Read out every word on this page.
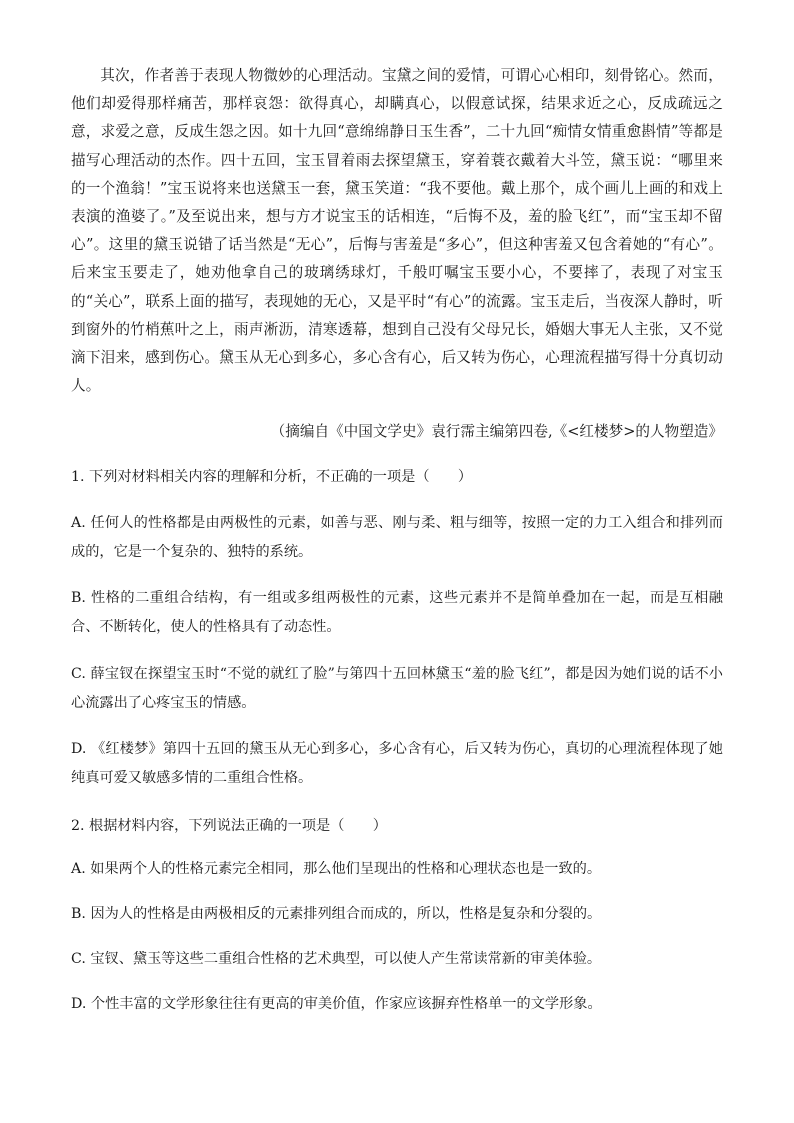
其次，作者善于表现人物微妙的心理活动。宝黛之间的爱情，可谓心心相印，刻骨铭心。然而，他们却爱得那样痛苦，那样哀怨：欲得真心，却瞒真心，以假意试探，结果求近之心，反成疏远之意，求爱之意，反成生怨之因。如十九回“意绵绵静日玉生香”，二十九回“痴情女情重愈斟情”等都是描写心理活动的杰作。四十五回，宝玉冒着雨去探望黛玉，穿着蓑衣戴着大斗笠，黛玉说：“哪里来的一个渔翁！”宝玉说将来也送黛玉一套，黛玉笑道：“我不要他。戴上那个，成个画儿上画的和戏上表演的渔婆了。”及至说出来，想与方才说宝玉的话相连，“后悔不及，羞的脸飞红”，而“宝玉却不留心”。这里的黛玉说错了话当然是“无心”，后悔与害羞是“多心”，但这种害羞又包含着她的“有心”。后来宝玉要走了，她劝他拿自己的玻璃绣球灯，千般叮嘱宝玉要小心，不要摔了，表现了对宝玉的“关心”，联系上面的描写，表现她的无心，又是平时“有心”的流露。宝玉走后，当夜深人静时，听到窗外的竹梢蕉叶之上，雨声淅沥，清寒透幕，想到自己没有父母兄长，婚姻大事无人主张，又不觉滴下泪来，感到伤心。黛玉从无心到多心，多心含有心，后又转为伤心，心理流程描写得十分真切动人。

（摘编自《中国文学史》袁行霈主编第四卷,《<红楼梦>的人物塑造》

1. 下列对材料相关内容的理解和分析，不正确的一项是（　　）

A. 任何人的性格都是由两极性的元素，如善与恶、刚与柔、粗与细等，按照一定的力工入组合和排列而成的，它是一个复杂的、独特的系统。

B. 性格的二重组合结构，有一组或多组两极性的元素，这些元素并不是简单叠加在一起，而是互相融合、不断转化，使人的性格具有了动态性。

C. 薛宝钗在探望宝玉时“不觉的就红了脸”与第四十五回林黛玉“羞的脸飞红”，都是因为她们说的话不小心流露出了心疼宝玉的情感。

D. 《红楼梦》第四十五回的黛玉从无心到多心，多心含有心，后又转为伤心，真切的心理流程体现了她纯真可爱又敏感多情的二重组合性格。

2. 根据材料内容，下列说法正确的一项是（　　）

A. 如果两个人的性格元素完全相同，那么他们呈现出的性格和心理状态也是一致的。

B. 因为人的性格是由两极相反的元素排列组合而成的，所以，性格是复杂和分裂的。

C. 宝钗、黛玉等这些二重组合性格的艺术典型，可以使人产生常读常新的审美体验。

D. 个性丰富的文学形象往往有更高的审美价值，作家应该摒弃性格单一的文学形象。
